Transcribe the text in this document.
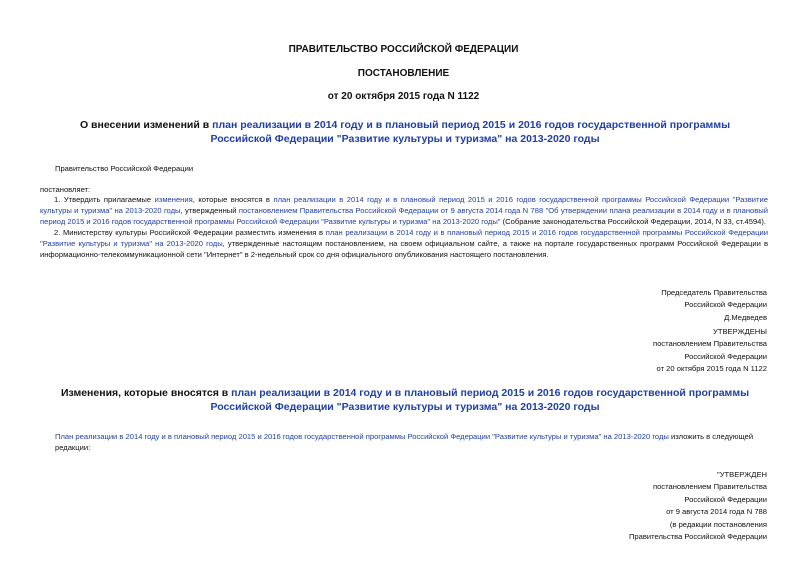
ПРАВИТЕЛЬСТВО РОССИЙСКОЙ ФЕДЕРАЦИИ
ПОСТАНОВЛЕНИЕ
от 20 октября 2015 года N 1122
О внесении изменений в план реализации в 2014 году и в плановый период 2015 и 2016 годов государственной программы Российской Федерации "Развитие культуры и туризма" на 2013-2020 годы
Правительство Российской Федерации
постановляет:

1. Утвердить прилагаемые изменения, которые вносятся в план реализации в 2014 году и в плановый период 2015 и 2016 годов государственной программы Российской Федерации "Развитие культуры и туризма" на 2013-2020 годы, утвержденный постановлением Правительства Российской Федерации от 9 августа 2014 года N 788 "Об утверждении плана реализации в 2014 году и в плановый период 2015 и 2016 годов государственной программы Российской Федерации "Развитие культуры и туризма" на 2013-2020 годы" (Собрание законодательства Российской Федерации, 2014, N 33, ст.4594).

2. Министерству культуры Российской Федерации разместить изменения в план реализации в 2014 году и в плановый период 2015 и 2016 годов государственной программы Российской Федерации "Развитие культуры и туризма" на 2013-2020 годы, утвержденные настоящим постановлением, на своем официальном сайте, а также на портале государственных программ Российской Федерации в информационно-телекоммуникационной сети "Интернет" в 2-недельный срок со дня официального опубликования настоящего постановления.

Председатель Правительства
Российской Федерации
Д.Медведев
УТВЕРЖДЕНЫ
постановлением Правительства
Российской Федерации
от 20 октября 2015 года N 1122
Изменения, которые вносятся в план реализации в 2014 году и в плановый период 2015 и 2016 годов государственной программы Российской Федерации "Развитие культуры и туризма" на 2013-2020 годы
План реализации в 2014 году и в плановый период 2015 и 2016 годов государственной программы Российской Федерации "Развитие культуры и туризма" на 2013-2020 годы изложить в следующей редакции:
"УТВЕРЖДЕН
постановлением Правительства
Российской Федерации
от 9 августа 2014 года N 788
(в редакции постановления
Правительства Российской Федерации
